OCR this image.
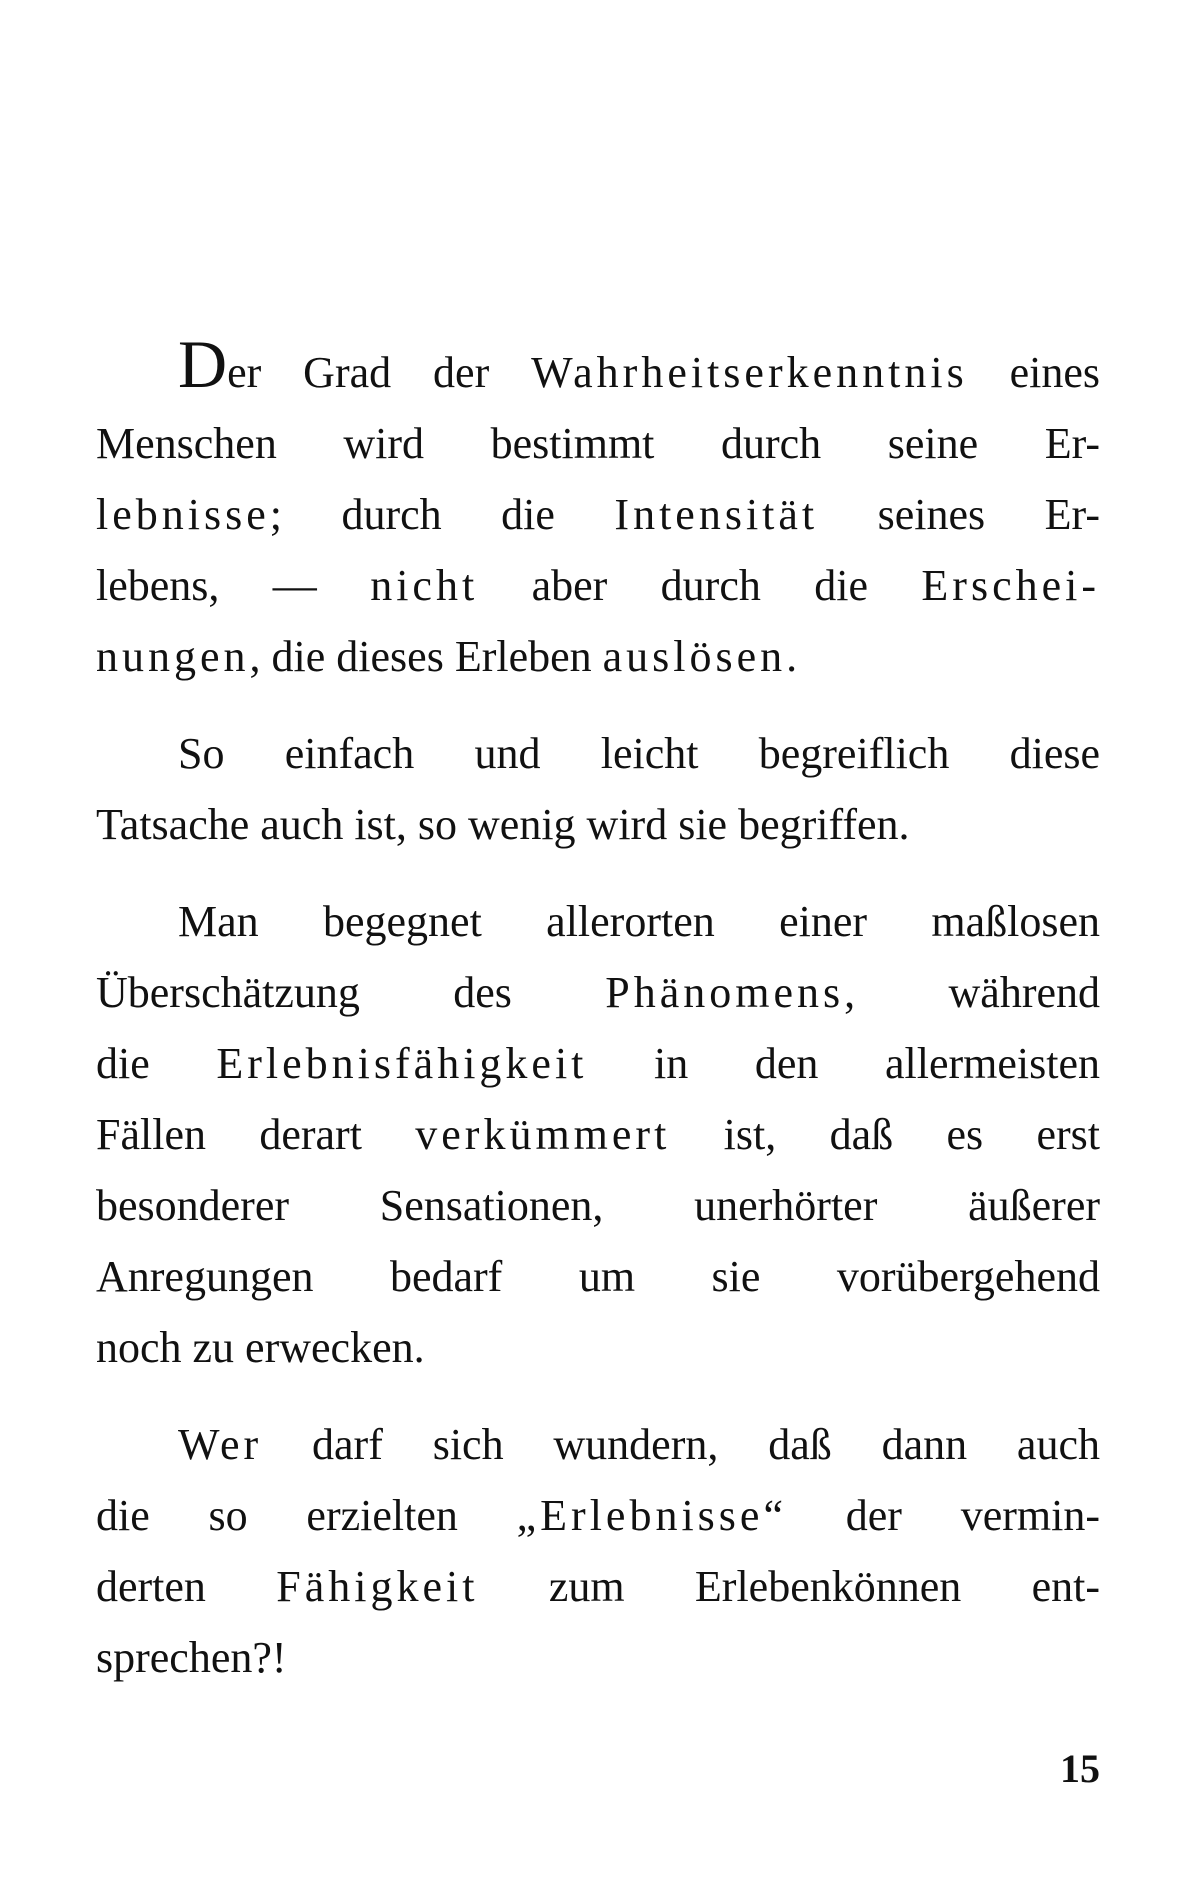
Der Grad der Wahrheitserkenntnis eines
Menschen wird bestimmt durch seine Er-
lebnisse; durch die Intensität seines Er-
lebens, — nicht aber durch die Erschei-
nungen, die dieses Erleben auslösen.

So einfach und leicht begreiflich diese
Tatsache auch ist, so wenig wird sie begriffen.

Man begegnet allerorten einer maßlosen
Überschätzung des Phänomens, während
die Erlebnisfähigkeit in den allermeisten
Fällen derart verkümmert ist, daß es erst
besonderer Sensationen, unerhörter äußerer
Anregungen bedarf um sie vorübergehend
noch zu erwecken.

Wer darf sich wundern, daß dann auch
die so erzielten „Erlebnisse“ der vermin-
derten Fähigkeit zum Erlebenkönnen ent-
sprechen?!

15
